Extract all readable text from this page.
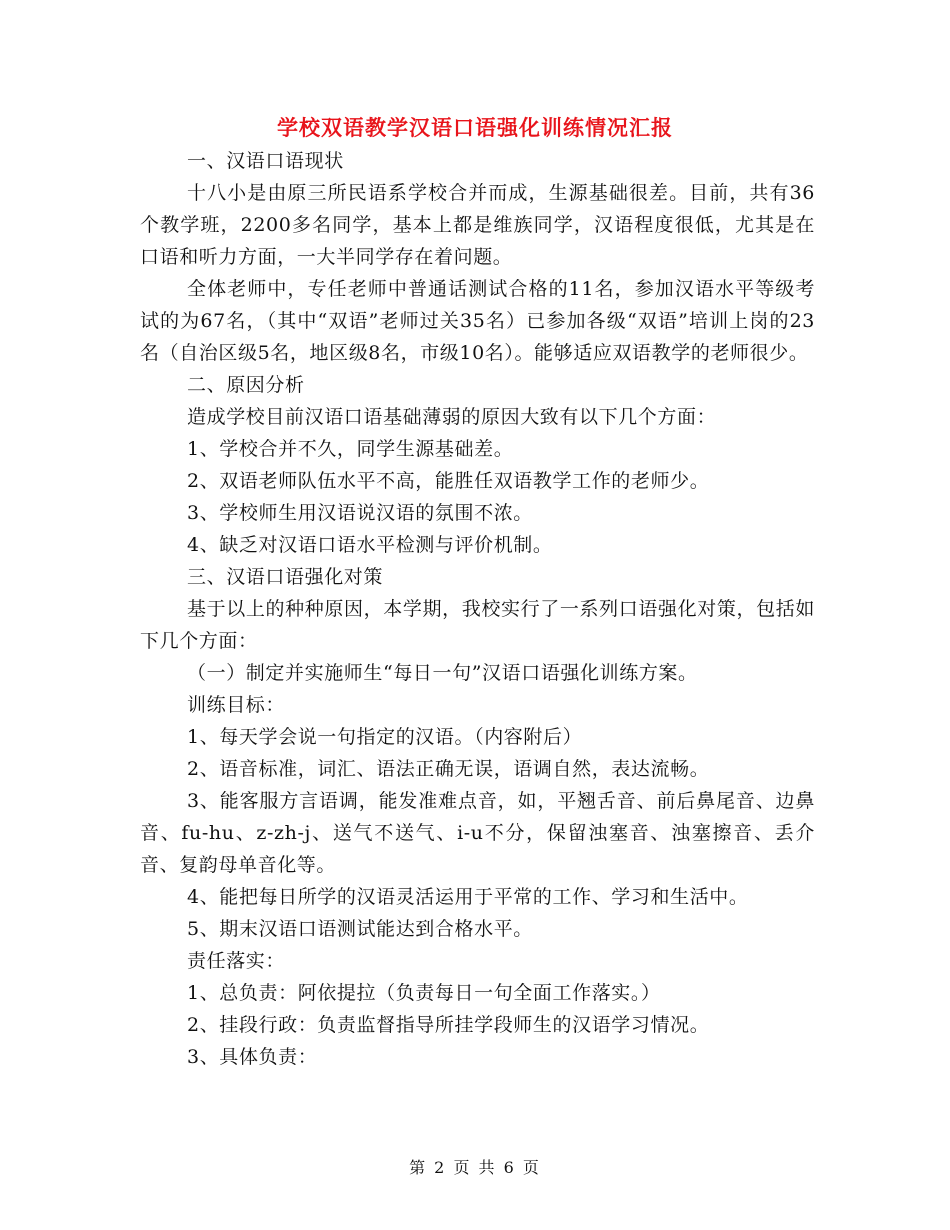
学校双语教学汉语口语强化训练情况汇报

一、汉语口语现状

十八小是由原三所民语系学校合并而成，生源基础很差。目前，共有36个教学班，2200多名同学，基本上都是维族同学，汉语程度很低，尤其是在口语和听力方面，一大半同学存在着问题。

全体老师中，专任老师中普通话测试合格的11名，参加汉语水平等级考试的为67名，（其中“双语”老师过关35名）已参加各级“双语”培训上岗的23名（自治区级5名，地区级8名，市级10名）。能够适应双语教学的老师很少。

二、原因分析

造成学校目前汉语口语基础薄弱的原因大致有以下几个方面：

1、学校合并不久，同学生源基础差。

2、双语老师队伍水平不高，能胜任双语教学工作的老师少。

3、学校师生用汉语说汉语的氛围不浓。

4、缺乏对汉语口语水平检测与评价机制。

三、汉语口语强化对策

基于以上的种种原因，本学期，我校实行了一系列口语强化对策，包括如下几个方面：

（一）制定并实施师生“每日一句”汉语口语强化训练方案。

训练目标：

1、每天学会说一句指定的汉语。（内容附后）

2、语音标准，词汇、语法正确无误，语调自然，表达流畅。

3、能客服方言语调，能发准难点音，如，平翘舌音、前后鼻尾音、边鼻音、fu-hu、z-zh-j、送气不送气、i-u不分，保留浊塞音、浊塞擦音、丢介音、复韵母单音化等。

4、能把每日所学的汉语灵活运用于平常的工作、学习和生活中。

5、期末汉语口语测试能达到合格水平。

责任落实：

1、总负责：阿依提拉（负责每日一句全面工作落实。）

2、挂段行政：负责监督指导所挂学段师生的汉语学习情况。

3、具体负责：

第 2 页 共 6 页
